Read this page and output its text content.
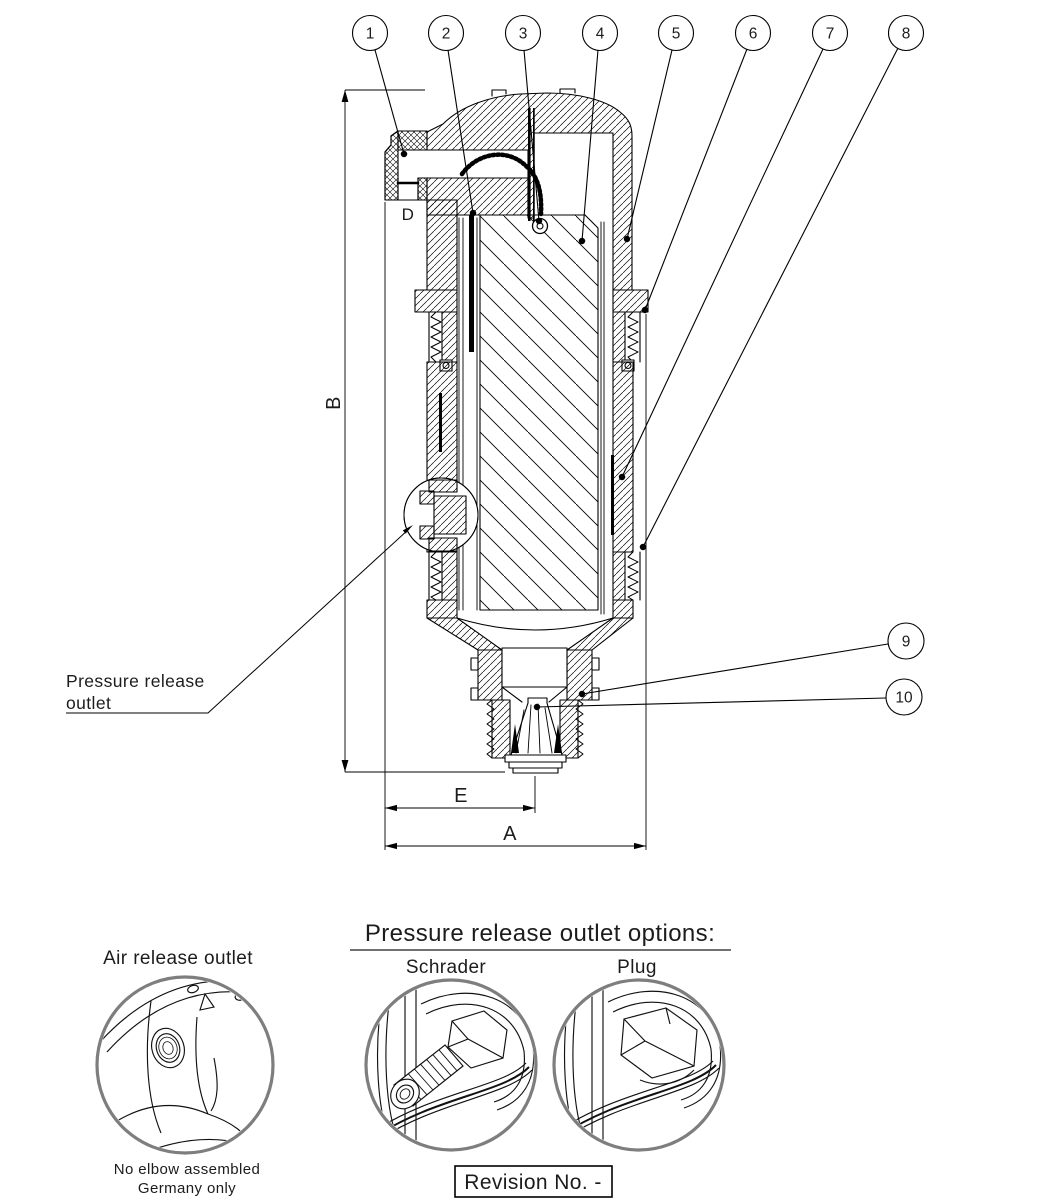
B
E
A
D
Pressure release
outlet
1	2	3	4	5	6	7	8
9
10
Air release outlet
No elbow assembled
Germany only
Pressure release outlet options:
Schrader	Plug
Revision No. -
